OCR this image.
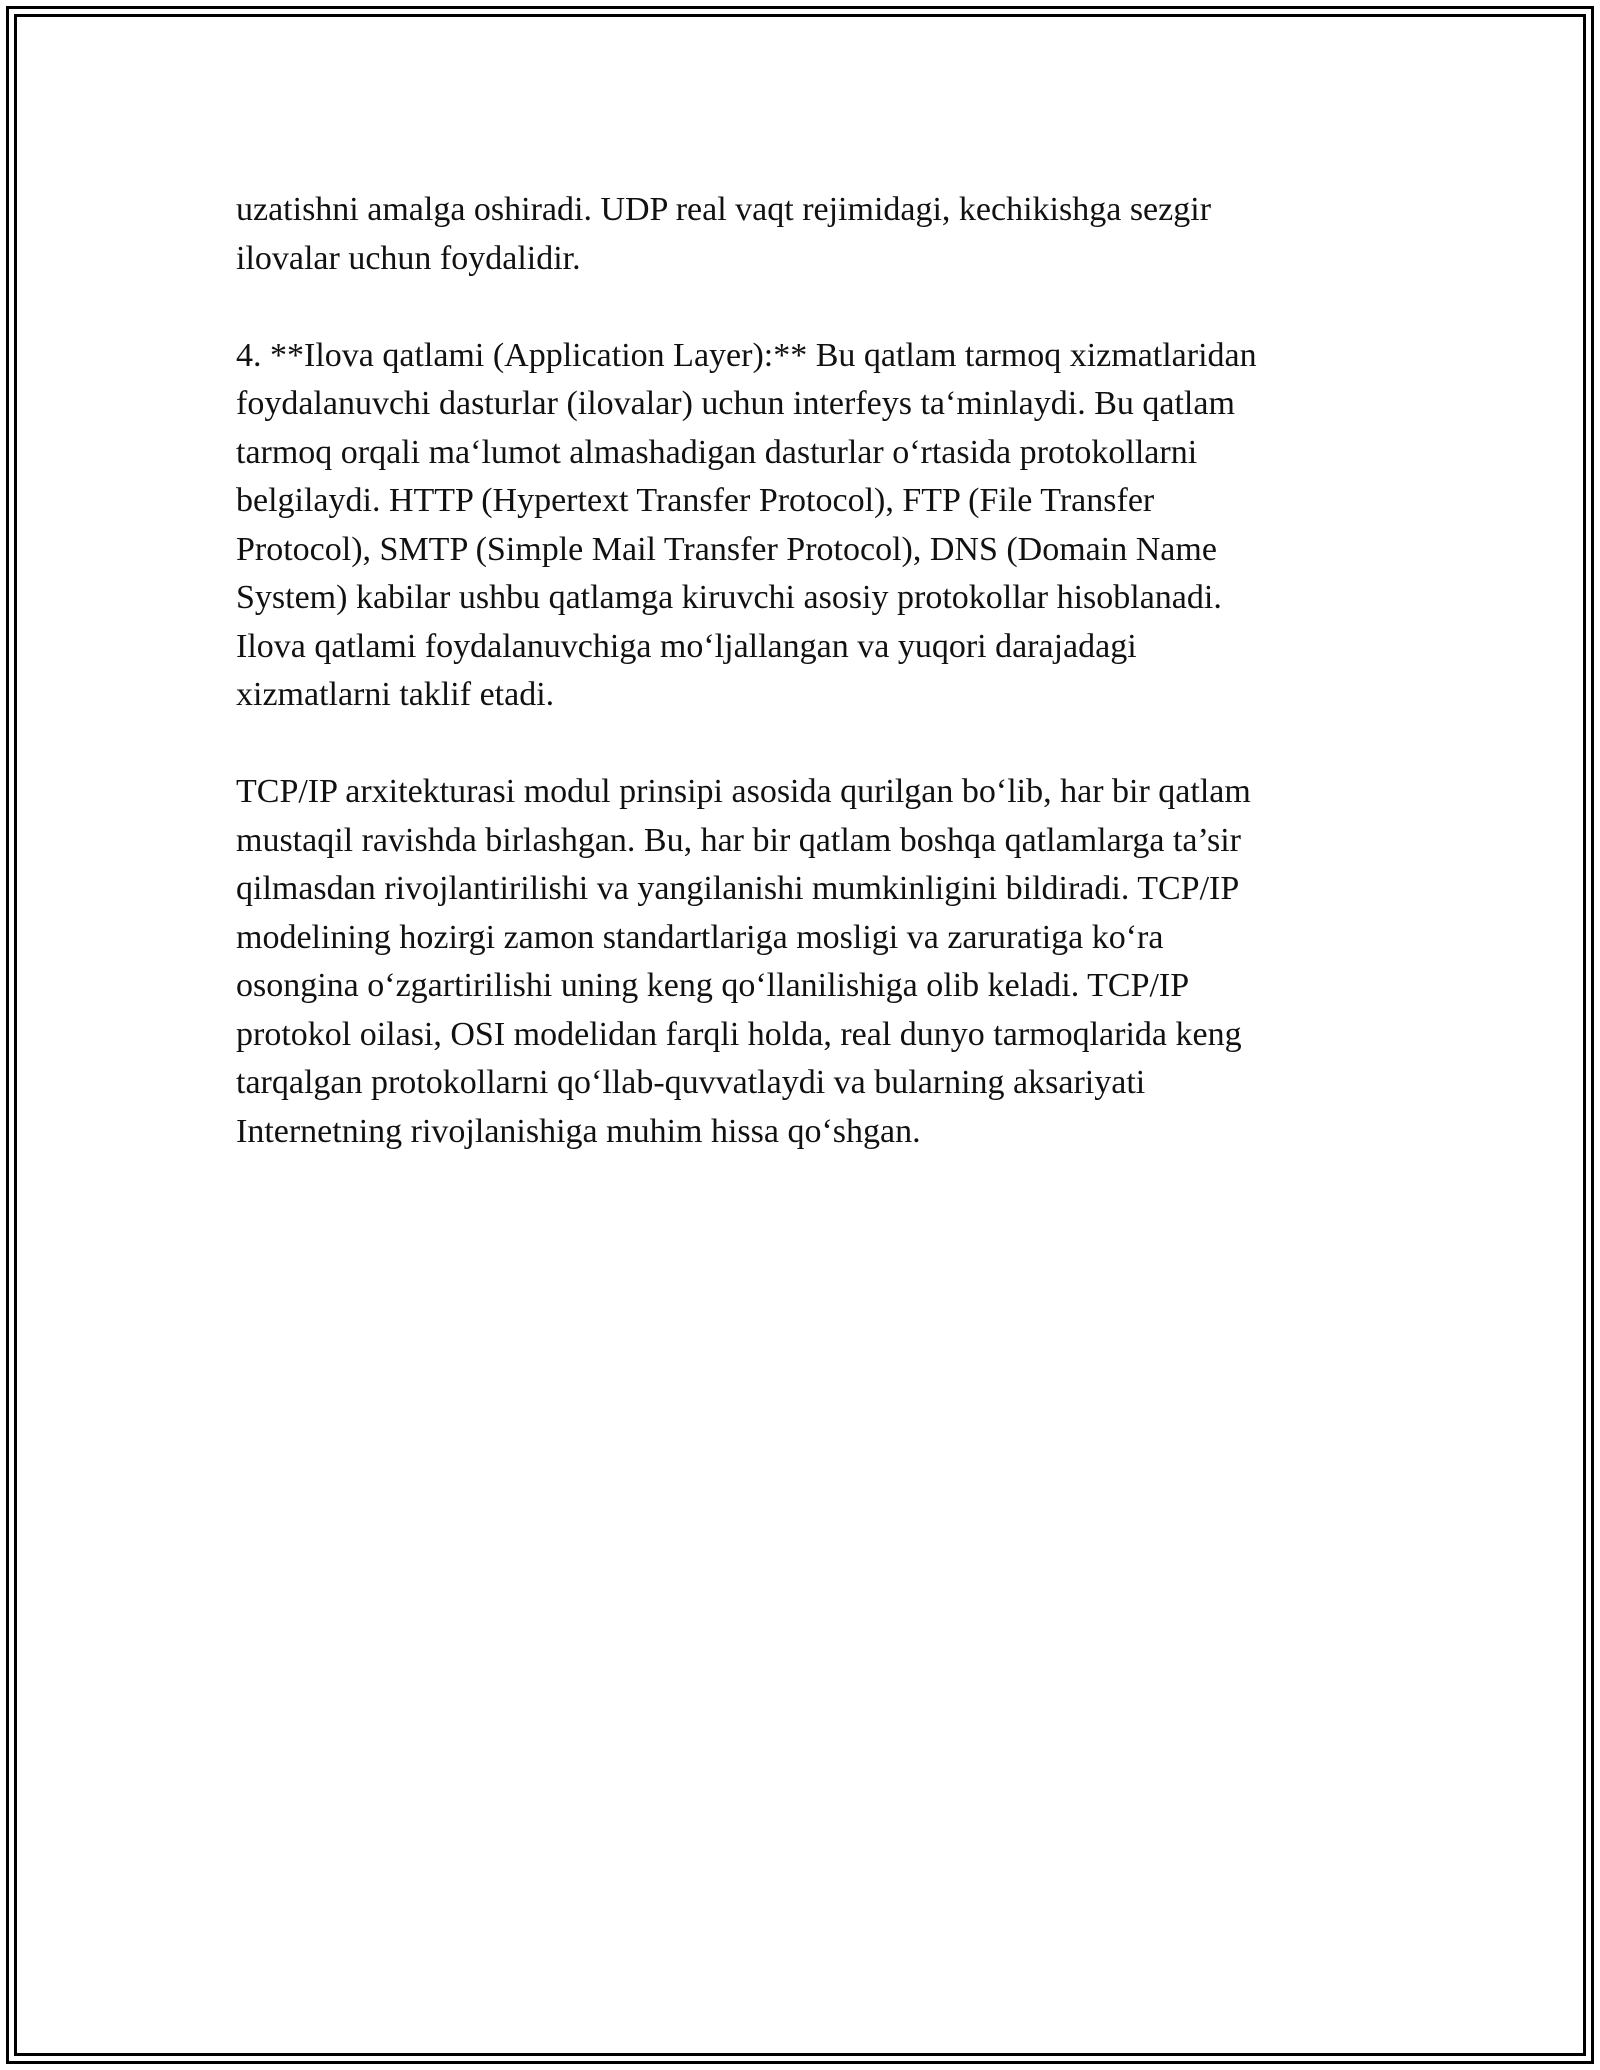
uzatishni amalga oshiradi. UDP real vaqt rejimidagi, kechikishga sezgir
ilovalar uchun foydalidir.

4. **Ilova qatlami (Application Layer):** Bu qatlam tarmoq xizmatlaridan
foydalanuvchi dasturlar (ilovalar) uchun interfeys ta‘minlaydi. Bu qatlam
tarmoq orqali ma‘lumot almashadigan dasturlar o‘rtasida protokollarni
belgilaydi. HTTP (Hypertext Transfer Protocol), FTP (File Transfer
Protocol), SMTP (Simple Mail Transfer Protocol), DNS (Domain Name
System) kabilar ushbu qatlamga kiruvchi asosiy protokollar hisoblanadi.
Ilova qatlami foydalanuvchiga mo‘ljallangan va yuqori darajadagi
xizmatlarni taklif etadi.

TCP/IP arxitekturasi modul prinsipi asosida qurilgan bo‘lib, har bir qatlam
mustaqil ravishda birlashgan. Bu, har bir qatlam boshqa qatlamlarga ta’sir
qilmasdan rivojlantirilishi va yangilanishi mumkinligini bildiradi. TCP/IP
modelining hozirgi zamon standartlariga mosligi va zaruratiga ko‘ra
osongina o‘zgartirilishi uning keng qo‘llanilishiga olib keladi. TCP/IP
protokol oilasi, OSI modelidan farqli holda, real dunyo tarmoqlarida keng
tarqalgan protokollarni qo‘llab-quvvatlaydi va bularning aksariyati
Internetning rivojlanishiga muhim hissa qo‘shgan.
